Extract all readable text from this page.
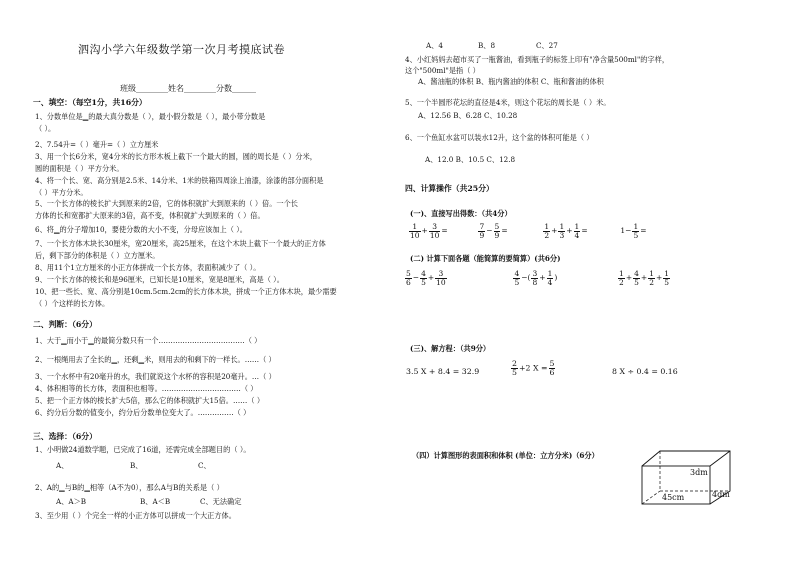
泗沟小学六年级数学第一次月考摸底试卷
班级________姓名________分数______
一、填空：（每空1分，共16分）
1、分数单位是▁的最大真分数是（ ），最小假分数是（ ），最小带分数是
（ ）。
2、7.54升=（ ）毫升=（ ）立方厘米
3、用一个长6分米，宽4分米的长方形木板上截下一个最大的圆，圆的周长是（ ）分米，
圆的面积是（ ）平方分米。
4、将一个长、宽、高分别是2.5米、14分米、1米的铁箱四周涂上油漆，涂漆的部分面积是
（ ）平方分米。
5、一个长方体的棱长扩大到原来的2倍，它的体积就扩大到原来的（ ）倍。一个长
方体的长和宽都扩大原来的3倍，高不变，体积就扩大到原来的（ ）倍。
6、将▁的分子增加10，要使分数的大小不变，分母应该加上（ ）。
7、一个长方体木块长30厘米，宽20厘米，高25厘米，在这个木块上截下一个最大的正方体
后，剩下部分的体积是（ ）立方厘米。
8、用11个1立方厘米的小正方体拼成一个长方体，表面积减少了（ ）。
9、一个长方体的棱长和是96厘米，已知长是10厘米，宽是8厘米，高是（ ）。
10、把一些长、宽、高分别是10cm.5cm.2cm的长方体木块，拼成一个正方体木块，最少需要
（ ）个这样的长方体。
二、判断：（6分）
1、大于▁而小于▁的最简分数只有一个………………………………（ ）
2、一根绳用去了全长的▁，还剩▁米，则用去的和剩下的一样长。……（ ）
3、一个水杯中有20毫升的水，我们就说这个水杯的容积是20毫升。…（ ）
4、体积相等的长方体，表面积也相等。……………………………（ ）
5、把一个正方体的棱长扩大5倍，那么它的体积就扩大15倍。……（ ）
6、约分后分数的值变小，约分后分数单位变大了。……………（ ）
三、选择：（6分）
1、小明做24道数学题，已完成了16道，还需完成全部题目的（ ）。
A、	B、	C、
2、A的▁与B的▁相等（A不为0），那么A与B的关系是（ ）
A、A＞B	B、A＜B	C、无法确定
3、至少用（ ）个完全一样的小正方体可以拼成一个大正方体。
A、4	B、8	C、27
4、小红妈妈去超市买了一瓶酱油，看到瓶子的标签上印有"净含量500ml"的字样，
这个"500ml"是指（ ）
A、酱油瓶的体积 B、瓶内酱油的体积 C、瓶和酱油的体积
5、一个半圆形花坛的直径是4米，则这个花坛的周长是（ ）米。
A、12.56 B、6.28 C、10.28
6、一个鱼缸水盆可以装水12升，这个盆的体积可能是（ ）
A、12.0 B、10.5 C、12.8
四、计算操作（共25分）
(一)、直接写出得数：（共4分）
$\frac{1}{10} + \frac{3}{10}$ =	$\frac{7}{9} - \frac{5}{9}$ =	$\frac{1}{2} + \frac{1}{3} + \frac{1}{4}$ =	$1- \frac{1}{5}$ =
(二) 计算下面各题（能简算的要简算）(共6分)
$\frac{5}{6} - \frac{4}{5} + \frac{3}{10}$
	$\frac{4}{5}$ −( $\frac{3}{8} + \frac{1}{4}$ )	$\frac{1}{2} + \frac{4}{5} + \frac{1}{2} + \frac{1}{5}$
(三)、解方程：（共9分）
3.5 X + 8.4 = 32.9	$\frac{2}{5} +2$ $X = \frac{5}{6}$	8 X ÷ 0.4 = 0.16
（四）计算图形的表面积和体积 (单位：立方分米)（6分）
3dm
45cm	4dm
